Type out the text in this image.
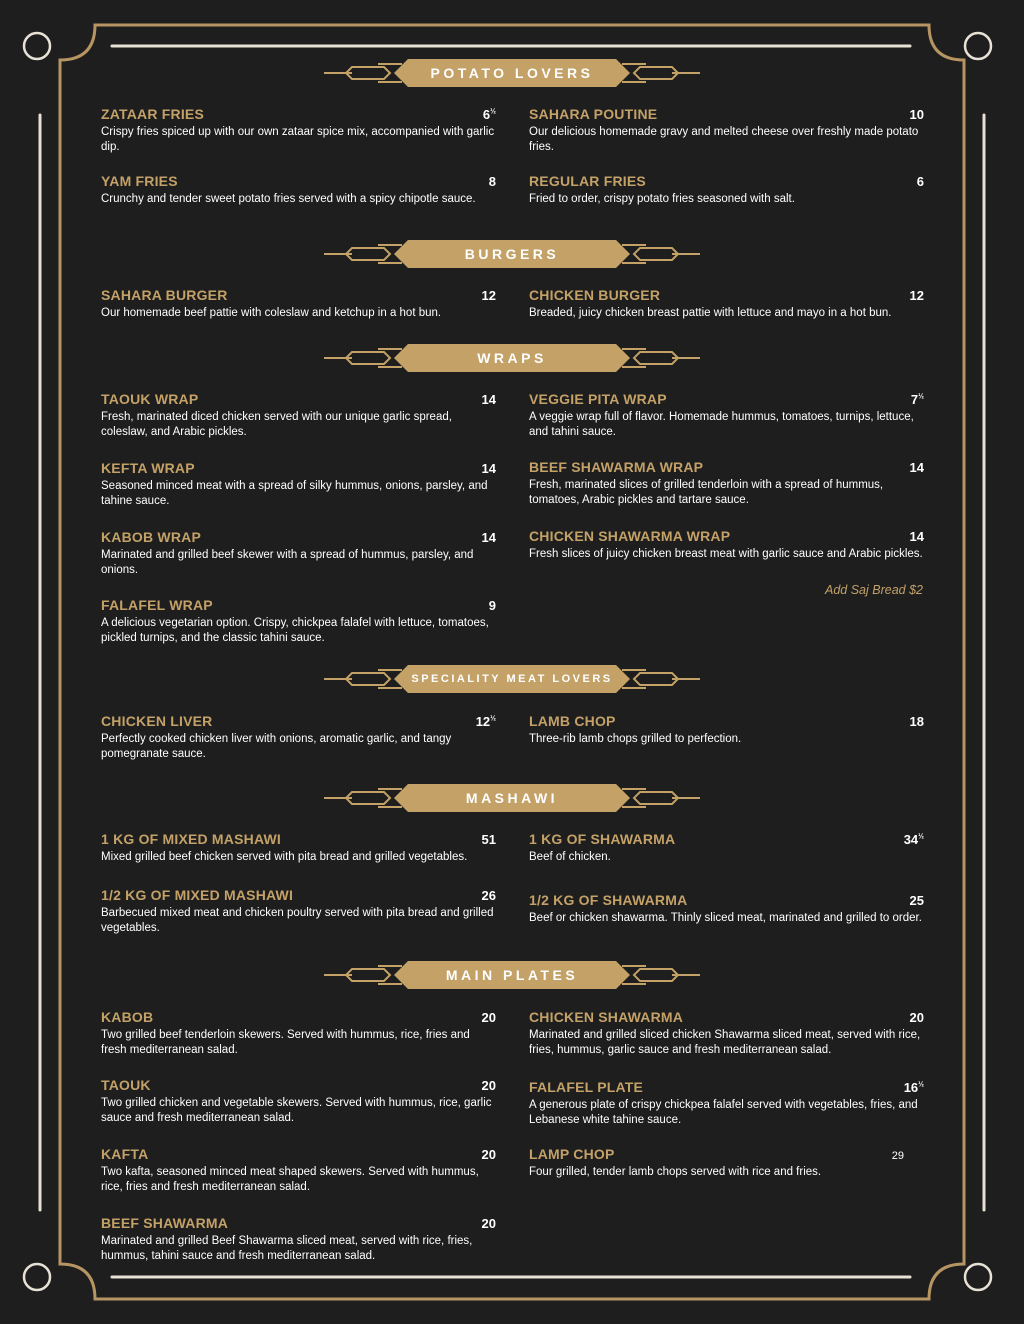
POTATO LOVERS
ZATAAR FRIES	$6^{\frac{1}{2}}$
Crispy fries spiced up with our own zataar spice mix, accompanied with garlic dip.
SAHARA POUTINE	10
Our delicious homemade gravy and melted cheese over freshly made potato fries.
YAM FRIES	8
Crunchy and tender sweet potato fries served with a spicy chipotle sauce.
REGULAR FRIES	6
Fried to order, crispy potato fries seasoned with salt.
BURGERS
SAHARA BURGER	12
Our homemade beef pattie with coleslaw and ketchup in a hot bun.
CHICKEN BURGER	12
Breaded, juicy chicken breast pattie with lettuce and mayo in a hot bun.
WRAPS
TAOUK WRAP	14
Fresh, marinated diced chicken served with our unique garlic spread, coleslaw, and Arabic pickles.
VEGGIE PITA WRAP	$7^{\frac{1}{2}}$
A veggie wrap full of flavor. Homemade hummus, tomatoes, turnips, lettuce, and tahini sauce.
KEFTA WRAP	14
Seasoned minced meat with a spread of silky hummus, onions, parsley, and tahine sauce.
BEEF SHAWARMA WRAP	14
Fresh, marinated slices of grilled tenderloin with a spread of hummus, tomatoes, Arabic pickles and tartare sauce.
KABOB WRAP	14
Marinated and grilled beef skewer with a spread of hummus, parsley, and onions.
CHICKEN SHAWARMA WRAP	14
Fresh slices of juicy chicken breast meat with garlic sauce and Arabic pickles.
FALAFEL WRAP	9
A delicious vegetarian option. Crispy, chickpea falafel with lettuce, tomatoes, pickled turnips, and the classic tahini sauce.
Add Saj Bread $2
SPECIALITY MEAT LOVERS
CHICKEN LIVER	$12^{\frac{1}{2}}$
Perfectly cooked chicken liver with onions, aromatic garlic, and tangy pomegranate sauce.
LAMB CHOP	18
Three-rib lamb chops grilled to perfection.
MASHAWI
1 KG OF MIXED MASHAWI	51
Mixed grilled beef chicken served with pita bread and grilled vegetables.
1 KG OF SHAWARMA	$34^{\frac{1}{2}}$
Beef of chicken.
1/2 KG OF MIXED MASHAWI	26
Barbecued mixed meat and chicken poultry served with pita bread and grilled vegetables.
1/2 KG OF SHAWARMA	25
Beef or chicken shawarma. Thinly sliced meat, marinated and grilled to order.
MAIN PLATES
KABOB	20
Two grilled beef tenderloin skewers. Served with hummus, rice, fries and fresh mediterranean salad.
CHICKEN SHAWARMA	20
Marinated and grilled sliced chicken Shawarma sliced meat, served with rice, fries, hummus, garlic sauce and fresh mediterranean salad.
TAOUK	20
Two grilled chicken and vegetable skewers. Served with hummus, rice, garlic sauce and fresh mediterranean salad.
FALAFEL PLATE	$16^{\frac{1}{2}}$
A generous plate of crispy chickpea falafel served with vegetables, fries, and Lebanese white tahine sauce.
KAFTA	20
Two kafta, seasoned minced meat shaped skewers. Served with hummus, rice, fries and fresh mediterranean salad.
LAMP CHOP	29
Four grilled, tender lamb chops served with rice and fries.
BEEF SHAWARMA	20
Marinated and grilled Beef Shawarma sliced meat, served with rice, fries, hummus, tahini sauce and fresh mediterranean salad.
